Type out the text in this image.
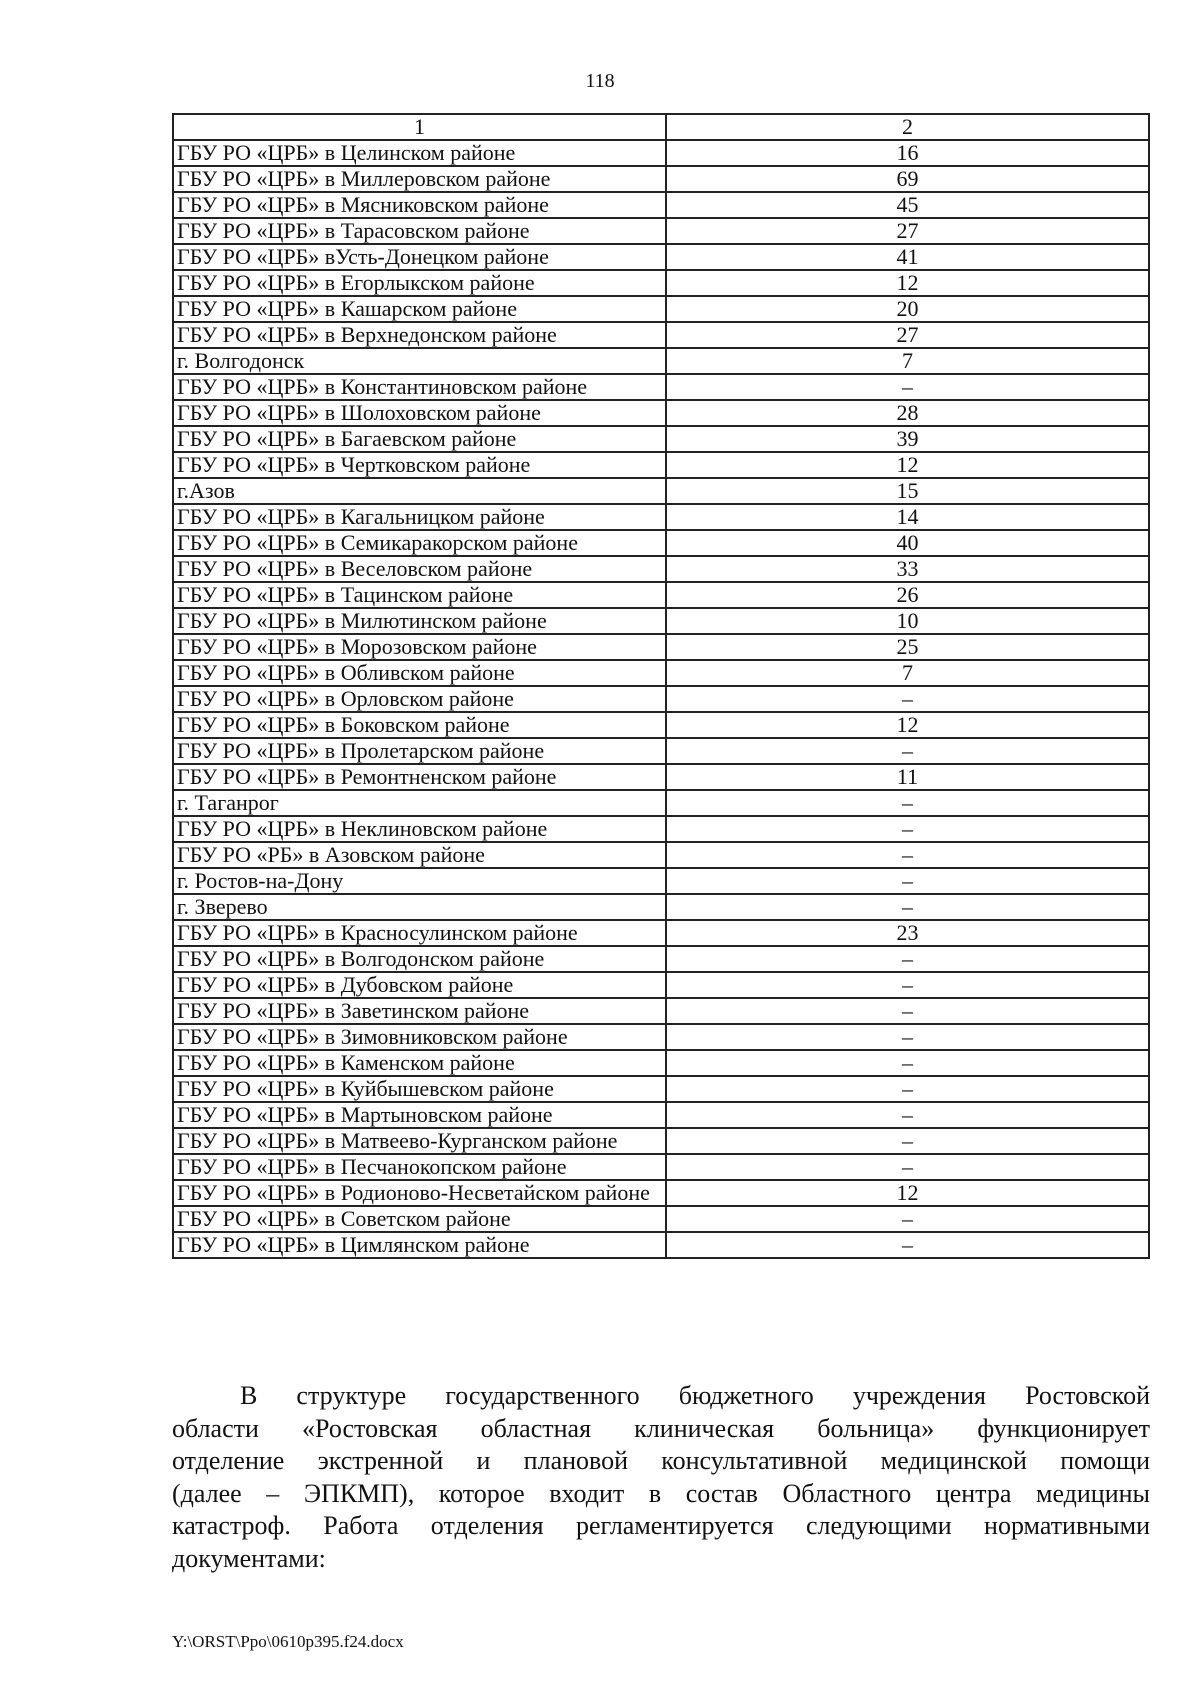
118
1	2
ГБУ РО «ЦРБ» в Целинском районе	16
ГБУ РО «ЦРБ» в Миллеровском районе	69
ГБУ РО «ЦРБ» в Мясниковском районе	45
ГБУ РО «ЦРБ» в Тарасовском районе	27
ГБУ РО «ЦРБ» вУсть-Донецком районе	41
ГБУ РО «ЦРБ» в Егорлыкском районе	12
ГБУ РО «ЦРБ» в Кашарском районе	20
ГБУ РО «ЦРБ» в Верхнедонском районе	27
г. Волгодонск	7
ГБУ РО «ЦРБ» в Константиновском районе	–
ГБУ РО «ЦРБ» в Шолоховском районе	28
ГБУ РО «ЦРБ» в Багаевском районе	39
ГБУ РО «ЦРБ» в Чертковском районе	12
г.Азов	15
ГБУ РО «ЦРБ» в Кагальницком районе	14
ГБУ РО «ЦРБ» в Семикаракорском районе	40
ГБУ РО «ЦРБ» в Веселовском районе	33
ГБУ РО «ЦРБ» в Тацинском районе	26
ГБУ РО «ЦРБ» в Милютинском районе	10
ГБУ РО «ЦРБ» в Морозовском районе	25
ГБУ РО «ЦРБ» в Обливском районе	7
ГБУ РО «ЦРБ» в Орловском районе	–
ГБУ РО «ЦРБ» в Боковском районе	12
ГБУ РО «ЦРБ» в Пролетарском районе	–
ГБУ РО «ЦРБ» в Ремонтненском районе	11
г. Таганрог	–
ГБУ РО «ЦРБ» в Неклиновском районе	–
ГБУ РО «РБ» в Азовском районе	–
г. Ростов-на-Дону	–
г. Зверево	–
ГБУ РО «ЦРБ» в Красносулинском районе	23
ГБУ РО «ЦРБ» в Волгодонском районе	–
ГБУ РО «ЦРБ» в Дубовском районе	–
ГБУ РО «ЦРБ» в Заветинском районе	–
ГБУ РО «ЦРБ» в Зимовниковском районе	–
ГБУ РО «ЦРБ» в Каменском районе	–
ГБУ РО «ЦРБ» в Куйбышевском районе	–
ГБУ РО «ЦРБ» в Мартыновском районе	–
ГБУ РО «ЦРБ» в Матвеево-Курганском районе	–
ГБУ РО «ЦРБ» в Песчанокопском районе	–
ГБУ РО «ЦРБ» в Родионово-Несветайском районе	12
ГБУ РО «ЦРБ» в Советском районе	–
ГБУ РО «ЦРБ» в Цимлянском районе	–
В структуре государственного бюджетного учреждения Ростовской
области «Ростовская областная клиническая больница» функционирует
отделение экстренной и плановой консультативной медицинской помощи
(далее – ЭПКМП), которое входит в состав Областного центра медицины
катастроф. Работа отделения регламентируется следующими нормативными
документами:
Y:\ORST\Ppo\0610p395.f24.docx
